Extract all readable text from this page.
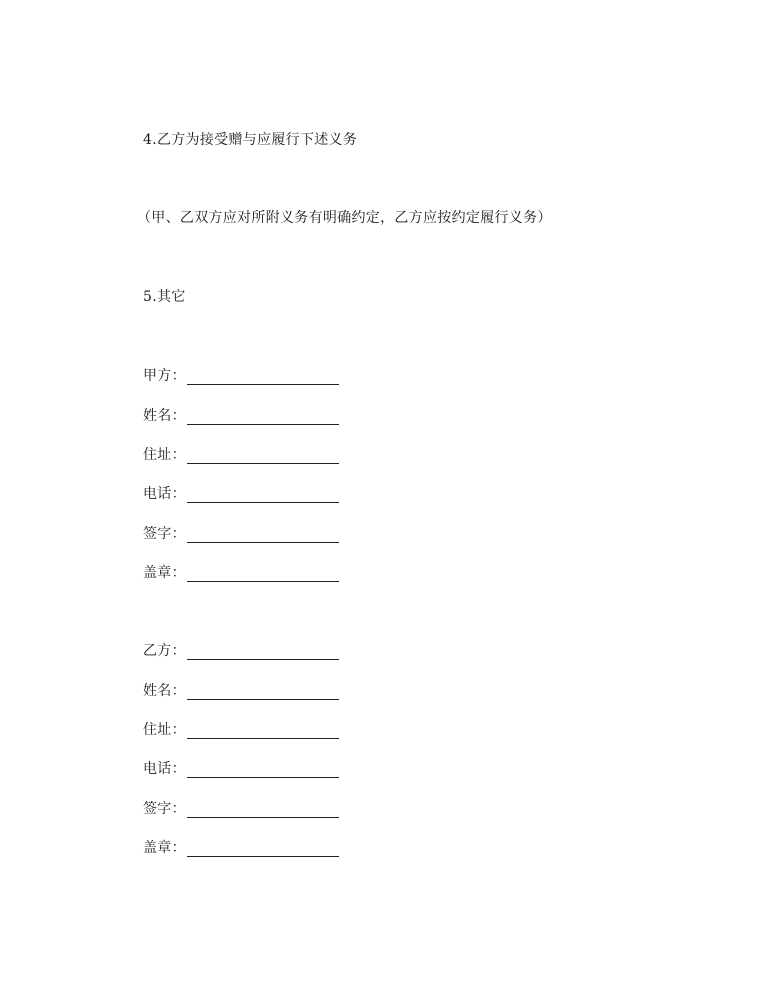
4.乙方为接受赠与应履行下述义务
（甲、乙双方应对所附义务有明确约定，乙方应按约定履行义务）
5.其它
甲方：
姓名：
住址：
电话：
签字：
盖章：
乙方：
姓名：
住址：
电话：
签字：
盖章：
